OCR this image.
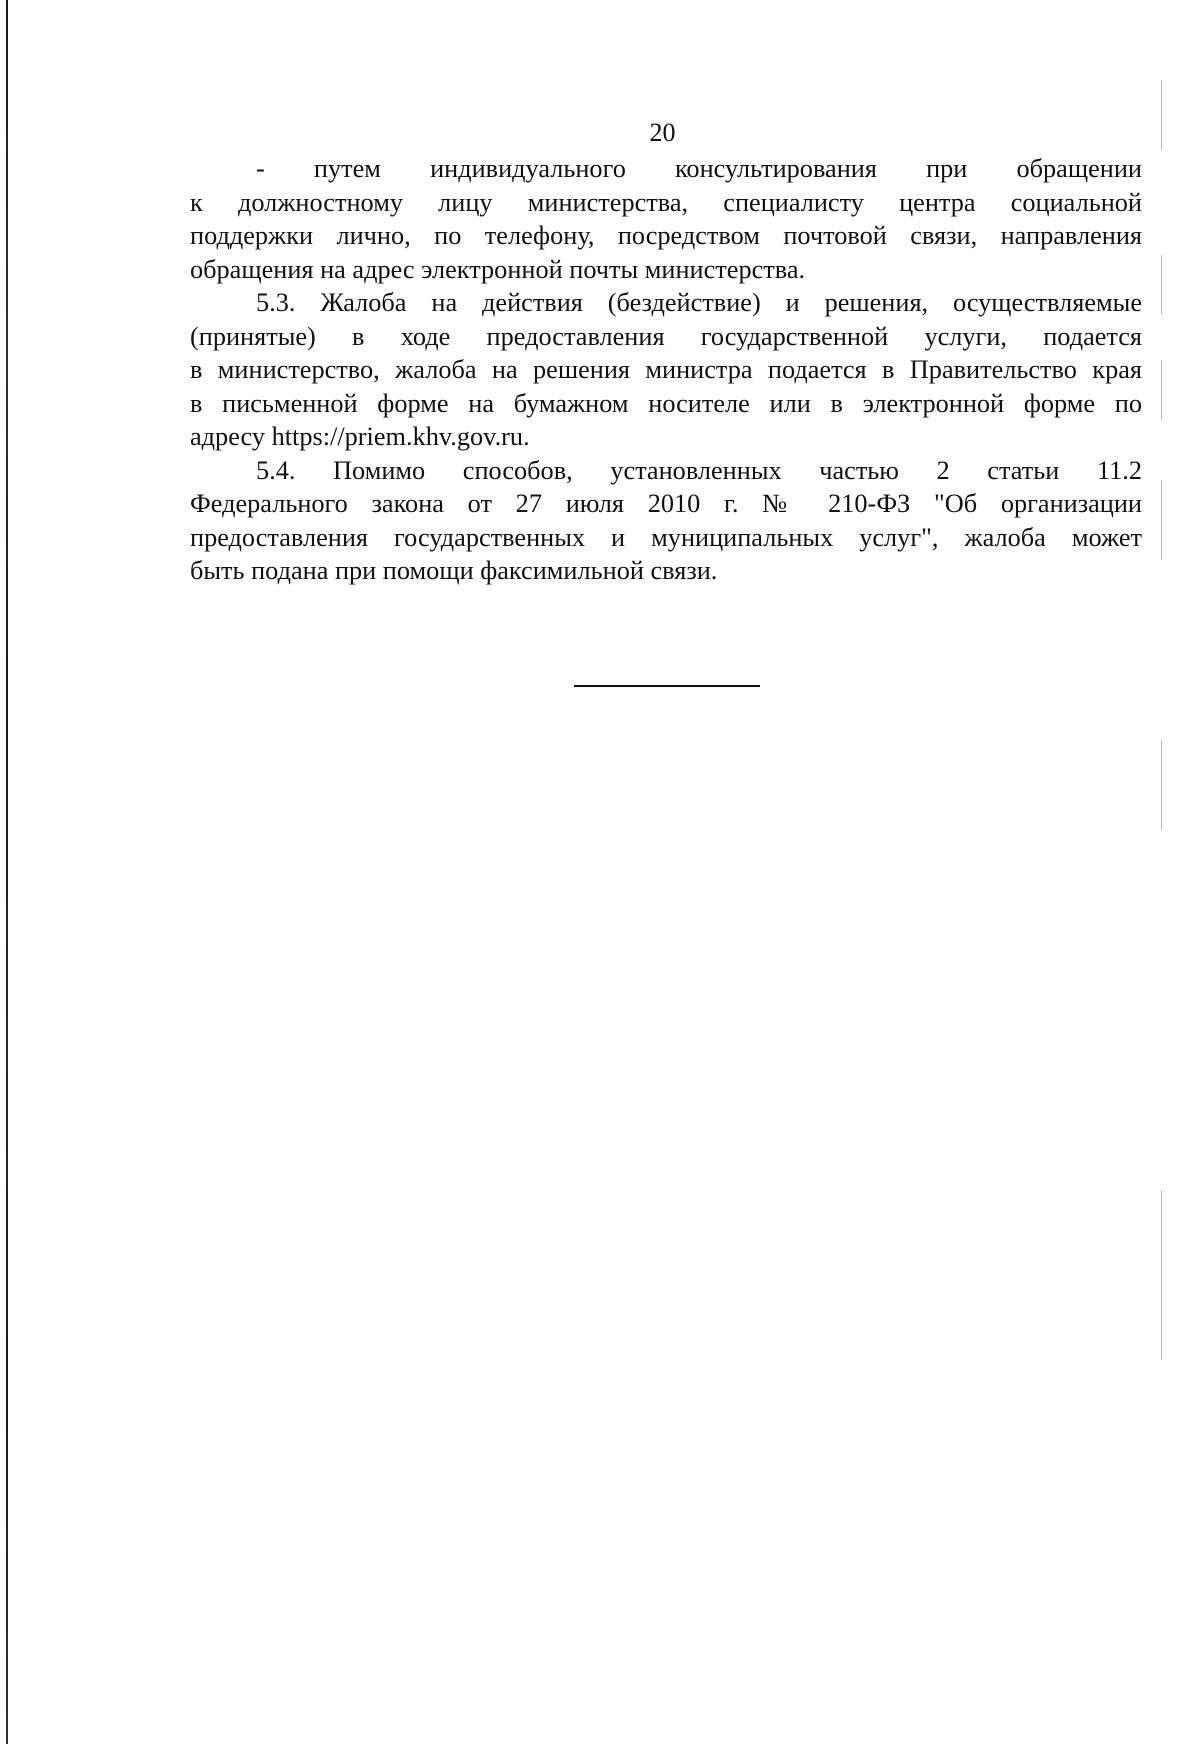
20

- путем индивидуального консультирования при обращении
к должностному лицу министерства, специалисту центра социальной
поддержки лично, по телефону, посредством почтовой связи, направления
обращения на адрес электронной почты министерства.

5.3. Жалоба на действия (бездействие) и решения, осуществляемые
(принятые) в ходе предоставления государственной услуги, подается
в министерство, жалоба на решения министра подается в Правительство края
в письменной форме на бумажном носителе или в электронной форме по
адресу https://priem.khv.gov.ru.

5.4. Помимо способов, установленных частью 2 статьи 11.2
Федерального закона от 27 июля 2010 г. № 210-ФЗ "Об организации
предоставления государственных и муниципальных услуг", жалоба может
быть подана при помощи факсимильной связи.
